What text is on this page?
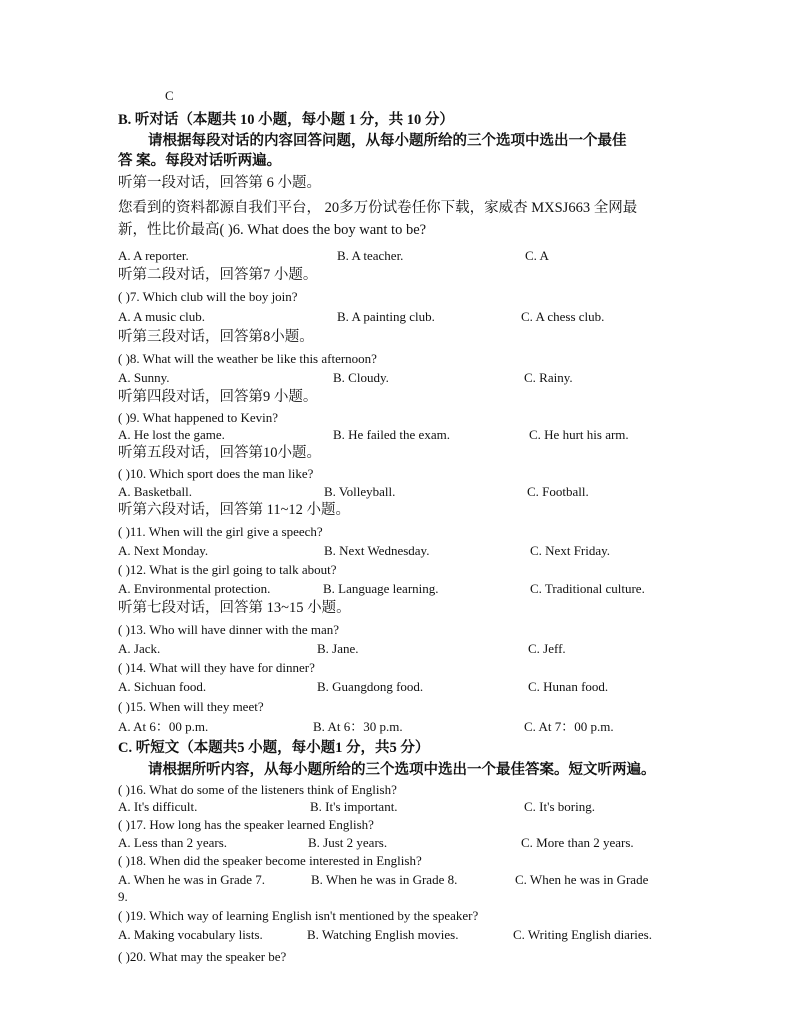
C
B. 听对话（本题共 10 小题，每小题 1 分，共 10 分）
请根据每段对话的内容回答问题，从每小题所给的三个选项中选出一个最佳
答 案。每段对话听两遍。
听第一段对话，回答第 6 小题。
您看到的资料都源自我们平台， 20多万份试卷任你下载，家威杏 MXSJ663 全网最
新，性比价最高( )6. What does the boy want to be?
A. A reporter.	B. A teacher.	C. A
听第二段对话，回答第7 小题。
( )7. Which club will the boy join?
A. A music club.	B. A painting club.	C. A chess club.
听第三段对话，回答第8小题。
( )8. What will the weather be like this afternoon?
A. Sunny.	B. Cloudy.	C. Rainy.
听第四段对话，回答第9 小题。
( )9. What happened to Kevin?
A. He lost the game.	B. He failed the exam.	C. He hurt his arm.
听第五段对话，回答第10小题。
( )10. Which sport does the man like?
A. Basketball.	B. Volleyball.	C. Football.
听第六段对话，回答第 11~12 小题。
( )11. When will the girl give a speech?
A. Next Monday.	B. Next Wednesday.	C. Next Friday.
( )12. What is the girl going to talk about?
A. Environmental protection.	B. Language learning.	C. Traditional culture.
听第七段对话，回答第 13~15 小题。
( )13. Who will have dinner with the man?
A. Jack.	B. Jane.	C. Jeff.
( )14. What will they have for dinner?
A. Sichuan food.	B. Guangdong food.	C. Hunan food.
( )15. When will they meet?
A. At 6：00 p.m.	B. At 6：30 p.m.	C. At 7：00 p.m.
C. 听短文（本题共5 小题，每小题1 分，共5 分）
请根据所听内容，从每小题所给的三个选项中选出一个最佳答案。短文听两遍。
( )16. What do some of the listeners think of English?
A. It's difficult.	B. It's important.	C. It's boring.
( )17. How long has the speaker learned English?
A. Less than 2 years.	B. Just 2 years.	C. More than 2 years.
( )18. When did the speaker become interested in English?
A. When he was in Grade 7.	B. When he was in Grade 8.	C. When he was in Grade
9.
( )19. Which way of learning English isn't mentioned by the speaker?
A. Making vocabulary lists.	B. Watching English movies.	C. Writing English diaries.
( )20. What may the speaker be?
